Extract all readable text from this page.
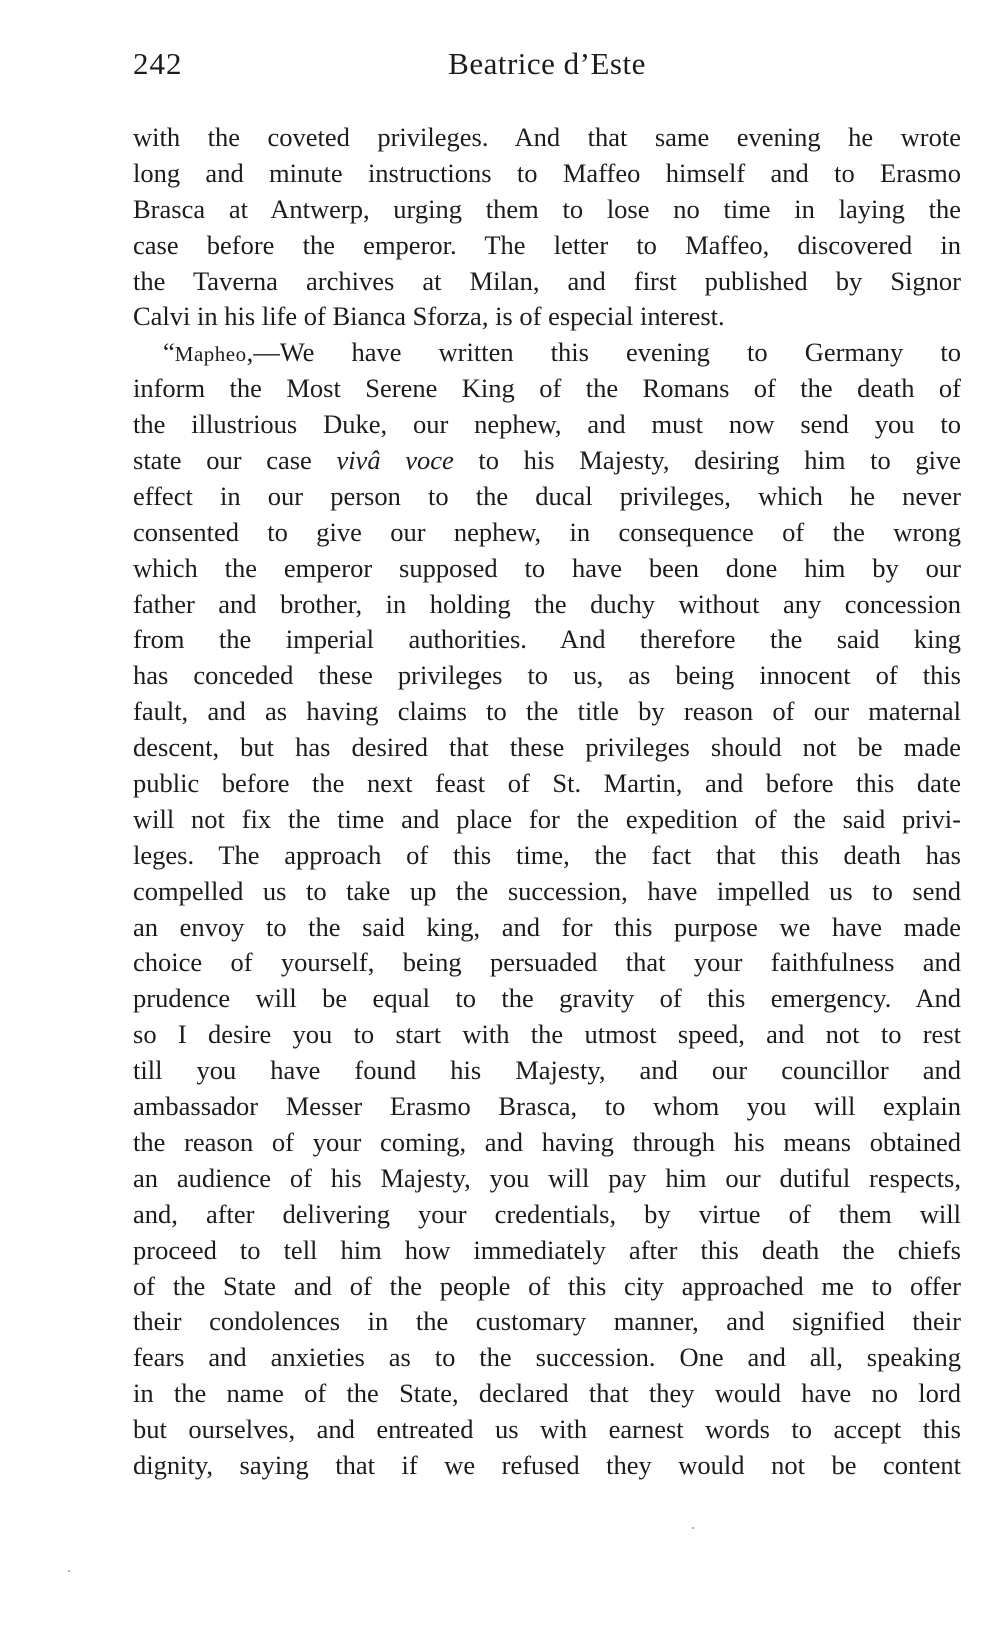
242	Beatrice d’Este
with the coveted privileges. And that same evening he wrote
long and minute instructions to Maffeo himself and to Erasmo
Brasca at Antwerp, urging them to lose no time in laying the
case before the emperor. The letter to Maffeo, discovered in
the Taverna archives at Milan, and first published by Signor
Calvi in his life of Bianca Sforza, is of especial interest.
“Mapheo,—We have written this evening to Germany to
inform the Most Serene King of the Romans of the death of
the illustrious Duke, our nephew, and must now send you to
state our case vivâ voce to his Majesty, desiring him to give
effect in our person to the ducal privileges, which he never
consented to give our nephew, in consequence of the wrong
which the emperor supposed to have been done him by our
father and brother, in holding the duchy without any concession
from the imperial authorities. And therefore the said king
has conceded these privileges to us, as being innocent of this
fault, and as having claims to the title by reason of our maternal
descent, but has desired that these privileges should not be made
public before the next feast of St. Martin, and before this date
will not fix the time and place for the expedition of the said privi-
leges. The approach of this time, the fact that this death has
compelled us to take up the succession, have impelled us to send
an envoy to the said king, and for this purpose we have made
choice of yourself, being persuaded that your faithfulness and
prudence will be equal to the gravity of this emergency. And
so I desire you to start with the utmost speed, and not to rest
till you have found his Majesty, and our councillor and
ambassador Messer Erasmo Brasca, to whom you will explain
the reason of your coming, and having through his means obtained
an audience of his Majesty, you will pay him our dutiful respects,
and, after delivering your credentials, by virtue of them will
proceed to tell him how immediately after this death the chiefs
of the State and of the people of this city approached me to offer
their condolences in the customary manner, and signified their
fears and anxieties as to the succession. One and all, speaking
in the name of the State, declared that they would have no lord
but ourselves, and entreated us with earnest words to accept this
dignity, saying that if we refused they would not be content
